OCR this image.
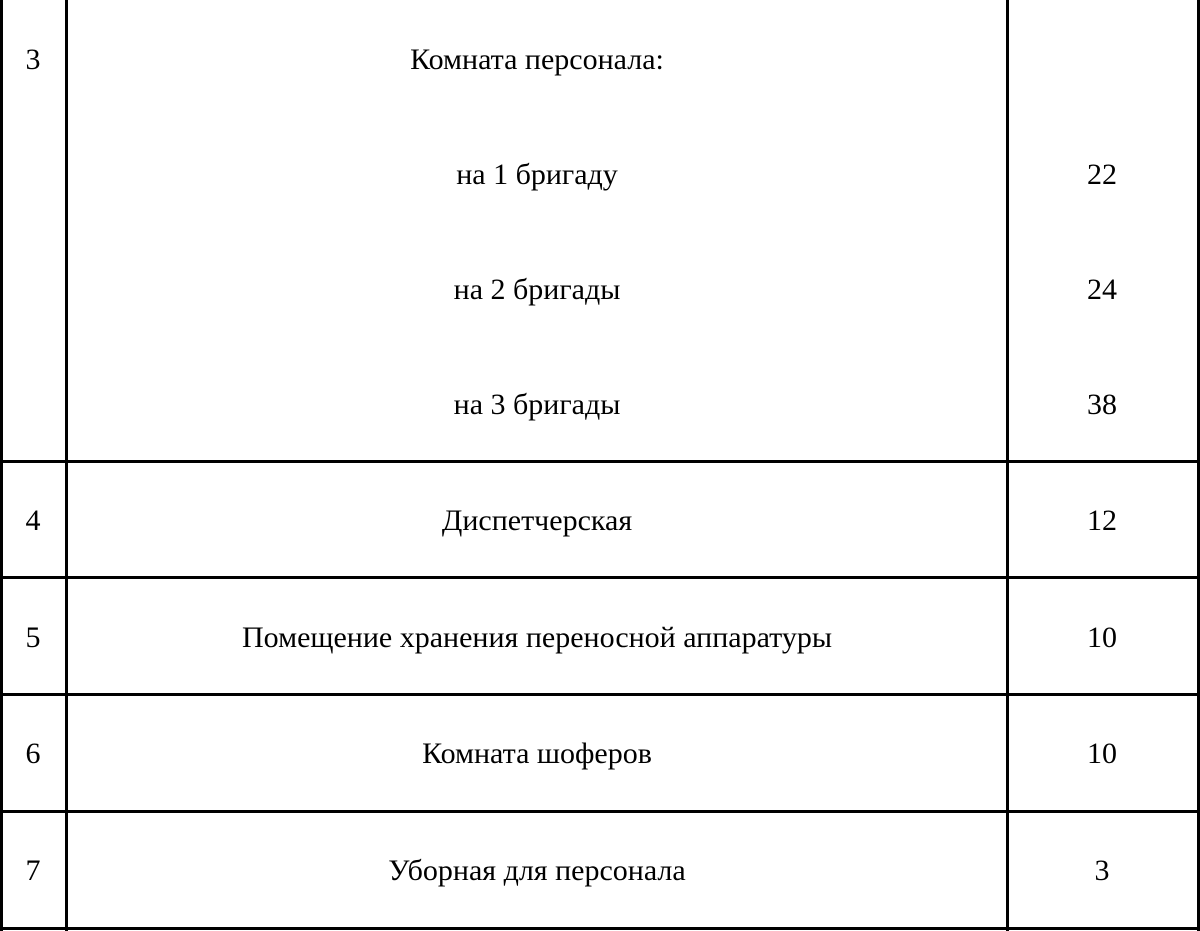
3	Комната персонала:
на 1 бригаду	22
на 2 бригады	24
на 3 бригады	38
4	Диспетчерская	12
5	Помещение хранения переносной аппаратуры	10
6	Комната шоферов	10
7	Уборная для персонала	3
